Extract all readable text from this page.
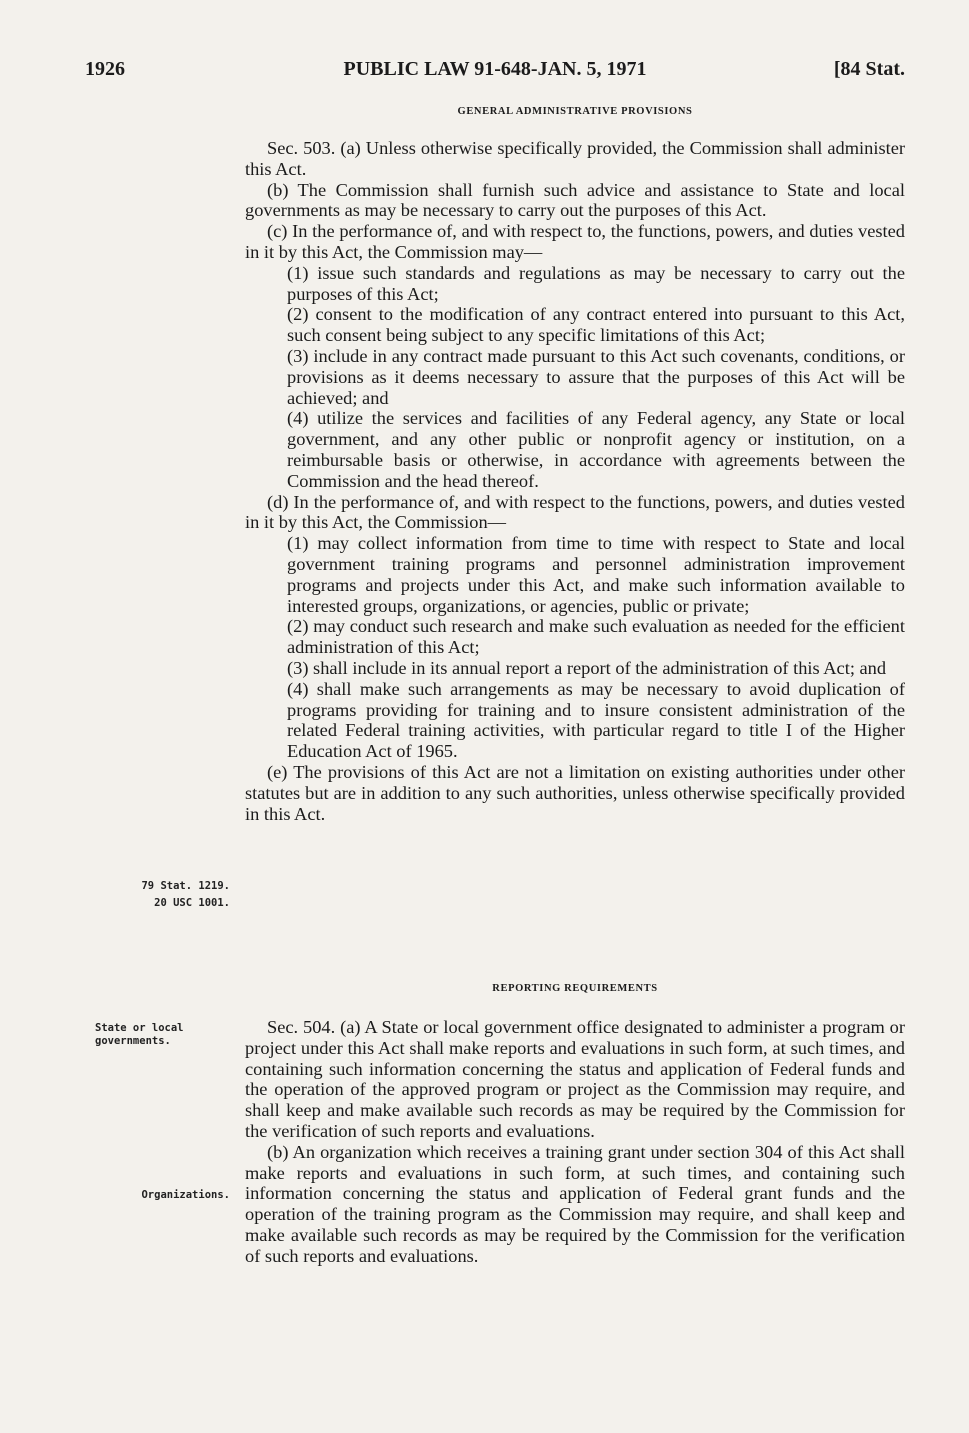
1926	PUBLIC LAW 91-648-JAN. 5, 1971	[84 Stat.
GENERAL ADMINISTRATIVE PROVISIONS

Sec. 503. (a) Unless otherwise specifically provided, the Commission shall administer this Act.

(b) The Commission shall furnish such advice and assistance to State and local governments as may be necessary to carry out the purposes of this Act.

(c) In the performance of, and with respect to, the functions, powers, and duties vested in it by this Act, the Commission may—

(1) issue such standards and regulations as may be necessary to carry out the purposes of this Act;

(2) consent to the modification of any contract entered into pursuant to this Act, such consent being subject to any specific limitations of this Act;

(3) include in any contract made pursuant to this Act such covenants, conditions, or provisions as it deems necessary to assure that the purposes of this Act will be achieved; and

(4) utilize the services and facilities of any Federal agency, any State or local government, and any other public or nonprofit agency or institution, on a reimbursable basis or otherwise, in accordance with agreements between the Commission and the head thereof.

(d) In the performance of, and with respect to the functions, powers, and duties vested in it by this Act, the Commission—

(1) may collect information from time to time with respect to State and local government training programs and personnel administration improvement programs and projects under this Act, and make such information available to interested groups, organizations, or agencies, public or private;

(2) may conduct such research and make such evaluation as needed for the efficient administration of this Act;

(3) shall include in its annual report a report of the administration of this Act; and

(4) shall make such arrangements as may be necessary to avoid duplication of programs providing for training and to insure consistent administration of the related Federal training activities, with particular regard to title I of the Higher Education Act of 1965.

(e) The provisions of this Act are not a limitation on existing authorities under other statutes but are in addition to any such authorities, unless otherwise specifically provided in this Act.

79 Stat. 1219.
20 USC 1001.
REPORTING REQUIREMENTS

Sec. 504. (a) A State or local government office designated to administer a program or project under this Act shall make reports and evaluations in such form, at such times, and containing such information concerning the status and application of Federal funds and the operation of the approved program or project as the Commission may require, and shall keep and make available such records as may be required by the Commission for the verification of such reports and evaluations.

(b) An organization which receives a training grant under section 304 of this Act shall make reports and evaluations in such form, at such times, and containing such information concerning the status and application of Federal grant funds and the operation of the training program as the Commission may require, and shall keep and make available such records as may be required by the Commission for the verification of such reports and evaluations.

State or local governments.
Organizations.
